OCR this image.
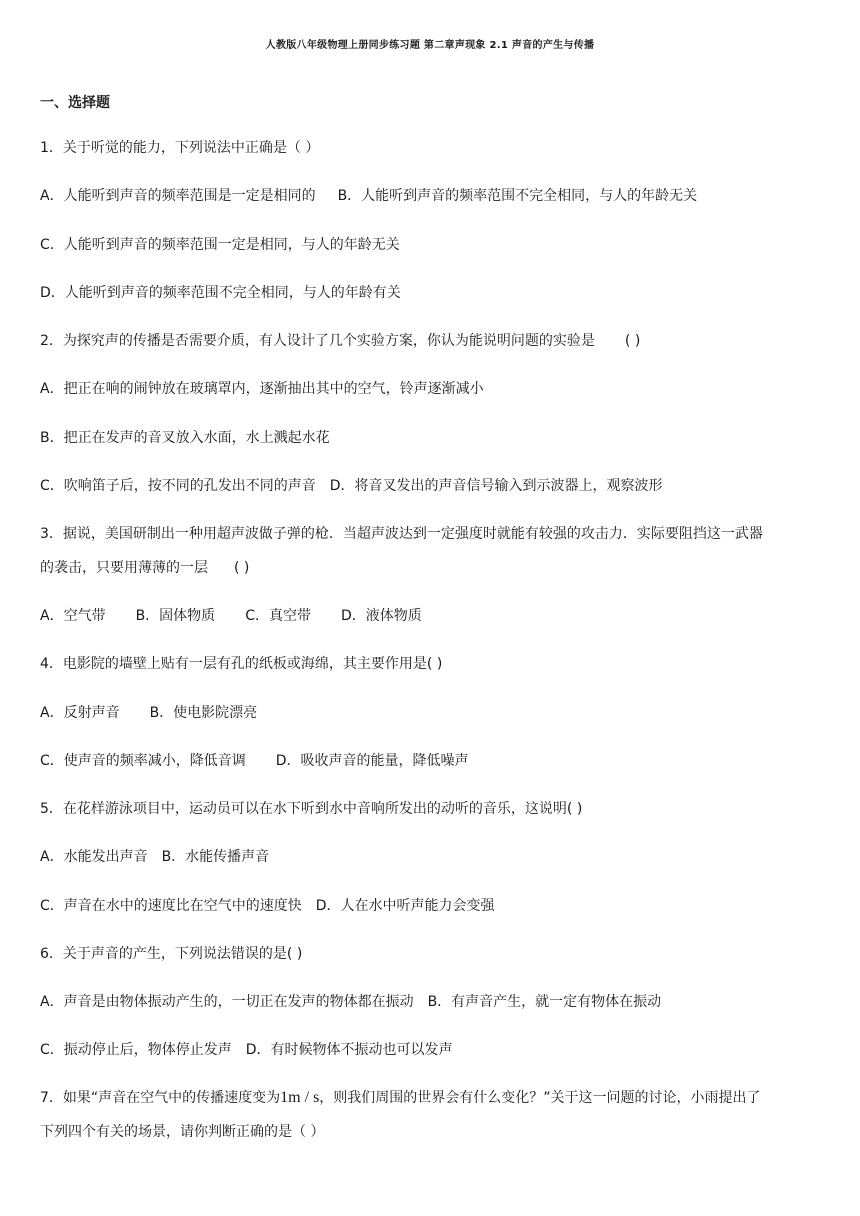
人教版八年级物理上册同步练习题 第二章声现象 2.1 声音的产生与传播
一、选择题
1．关于听觉的能力，下列说法中正确是（ ）
A．人能听到声音的频率范围是一定是相同的 B．人能听到声音的频率范围不完全相同，与人的年龄无关
C．人能听到声音的频率范围一定是相同，与人的年龄无关
D．人能听到声音的频率范围不完全相同，与人的年龄有关
2．为探究声的传播是否需要介质，有人设计了几个实验方案，你认为能说明问题的实验是 ( )
A．把正在响的闹钟放在玻璃罩内，逐渐抽出其中的空气，铃声逐渐减小
B．把正在发声的音叉放入水面，水上溅起水花
C．吹响笛子后，按不同的孔发出不同的声音 D．将音叉发出的声音信号输入到示波器上，观察波形
3．据说，美国研制出一种用超声波做子弹的枪．当超声波达到一定强度时就能有较强的攻击力．实际要阻挡这一武器
的袭击，只要用薄薄的一层 ( )
A．空气带 B．固体物质 C．真空带 D．液体物质
4．电影院的墙壁上贴有一层有孔的纸板或海绵，其主要作用是( )
A．反射声音 B．使电影院漂亮
C．使声音的频率减小，降低音调 D．吸收声音的能量，降低噪声
5．在花样游泳项目中，运动员可以在水下听到水中音响所发出的动听的音乐，这说明( )
A．水能发出声音 B．水能传播声音
C．声音在水中的速度比在空气中的速度快 D．人在水中听声能力会变强
6．关于声音的产生，下列说法错误的是( )
A．声音是由物体振动产生的，一切正在发声的物体都在振动 B．有声音产生，就一定有物体在振动
C．振动停止后，物体停止发声 D．有时候物体不振动也可以发声
7．如果“声音在空气中的传播速度变为1m / s，则我们周围的世界会有什么变化？”关于这一问题的讨论，小雨提出了
下列四个有关的场景，请你判断正确的是（ ）
